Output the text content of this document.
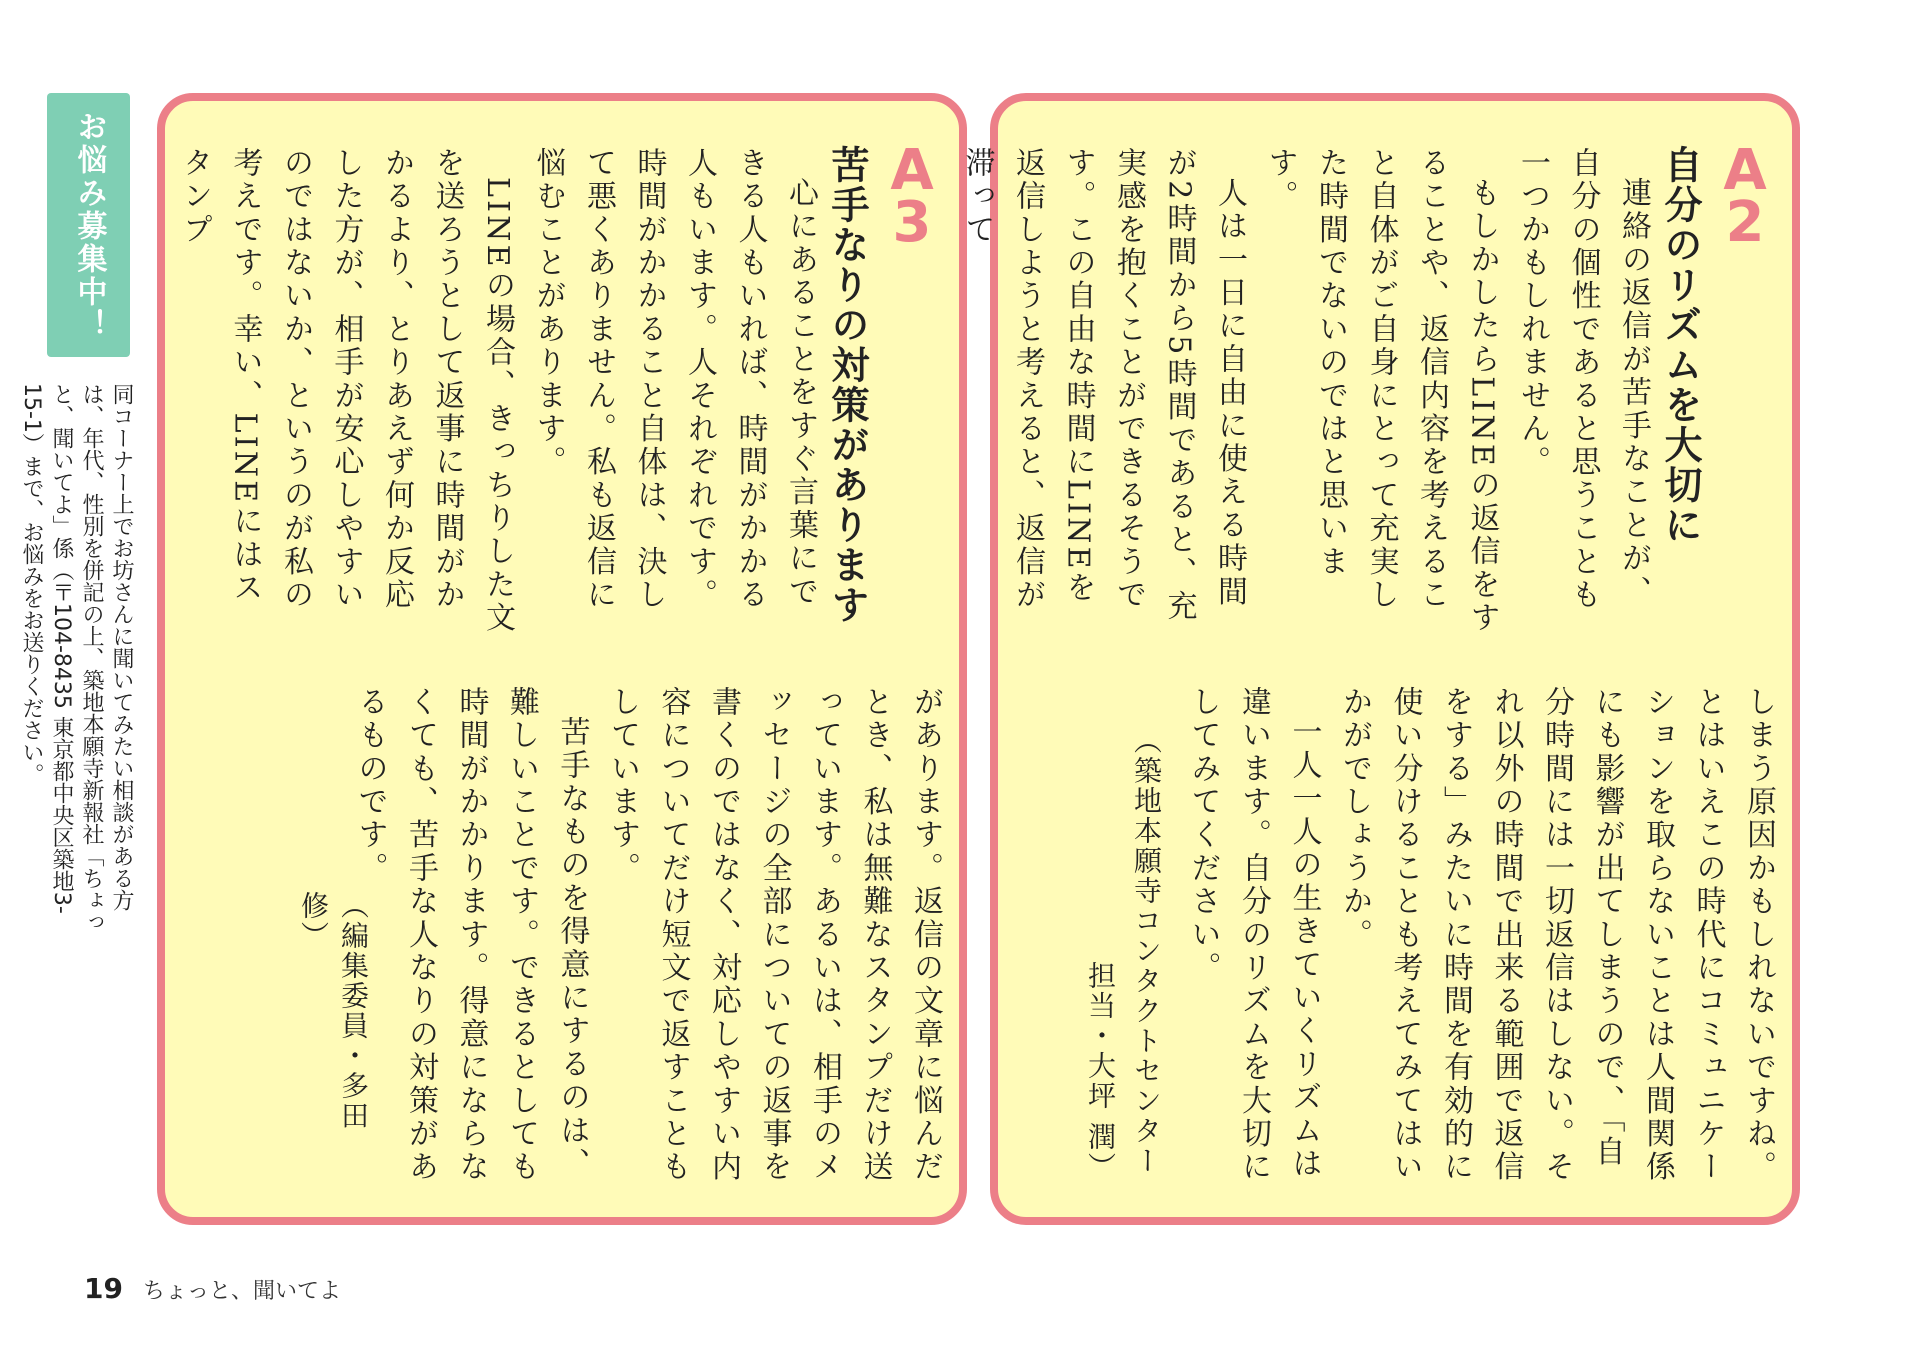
お悩み募集中！
同コーナー上でお坊さんに聞いてみたい相談がある方は、年代、性別を併記の上、築地本願寺新報社「ちょっと、聞いてよ」係（〒104-8435 東京都中央区築地3-15-1）まで、お悩みをお送りください。
A
3
苦手なりの対策があります

心にあることをすぐ言葉にできる人もいれば、時間がかかる人もいます。人それぞれです。時間がかかること自体は、決して悪くありません。私も返信に悩むことがあります。

LINEの場合、きっちりした文を送ろうとして返事に時間がかかるより、とりあえず何か反応した方が、相手が安心しやすいのではないか、というのが私の考えです。幸い、LINEにはスタンプ

があります。返信の文章に悩んだとき、私は無難なスタンプだけ送っています。あるいは、相手のメッセージの全部についての返事を書くのではなく、対応しやすい内容についてだけ短文で返すこともしています。

苦手なものを得意にするのは、難しいことです。できるとしても時間がかかります。得意にならなくても、苦手な人なりの対策があるものです。

（編集委員・多田 修）
A
2
自分のリズムを大切に

連絡の返信が苦手なことが、自分の個性であると思うことも一つかもしれません。

もしかしたらLINEの返信をすることや、返信内容を考えること自体がご自身にとって充実した時間でないのではと思います。

人は一日に自由に使える時間が2時間から5時間であると、充実感を抱くことができるそうです。この自由な時間にLINEを返信しようと考えると、返信が滞って

しまう原因かもしれないですね。とはいえこの時代にコミュニケーションを取らないことは人間関係にも影響が出てしまうので、「自分時間には一切返信はしない。それ以外の時間で出来る範囲で返信をする」みたいに時間を有効的に使い分けることも考えてみてはいかがでしょうか。

一人一人の生きていくリズムは違います。自分のリズムを大切にしてみてください。

（築地本願寺コンタクトセンター
担当・大坪 潤）
19 ちょっと、聞いてよ
